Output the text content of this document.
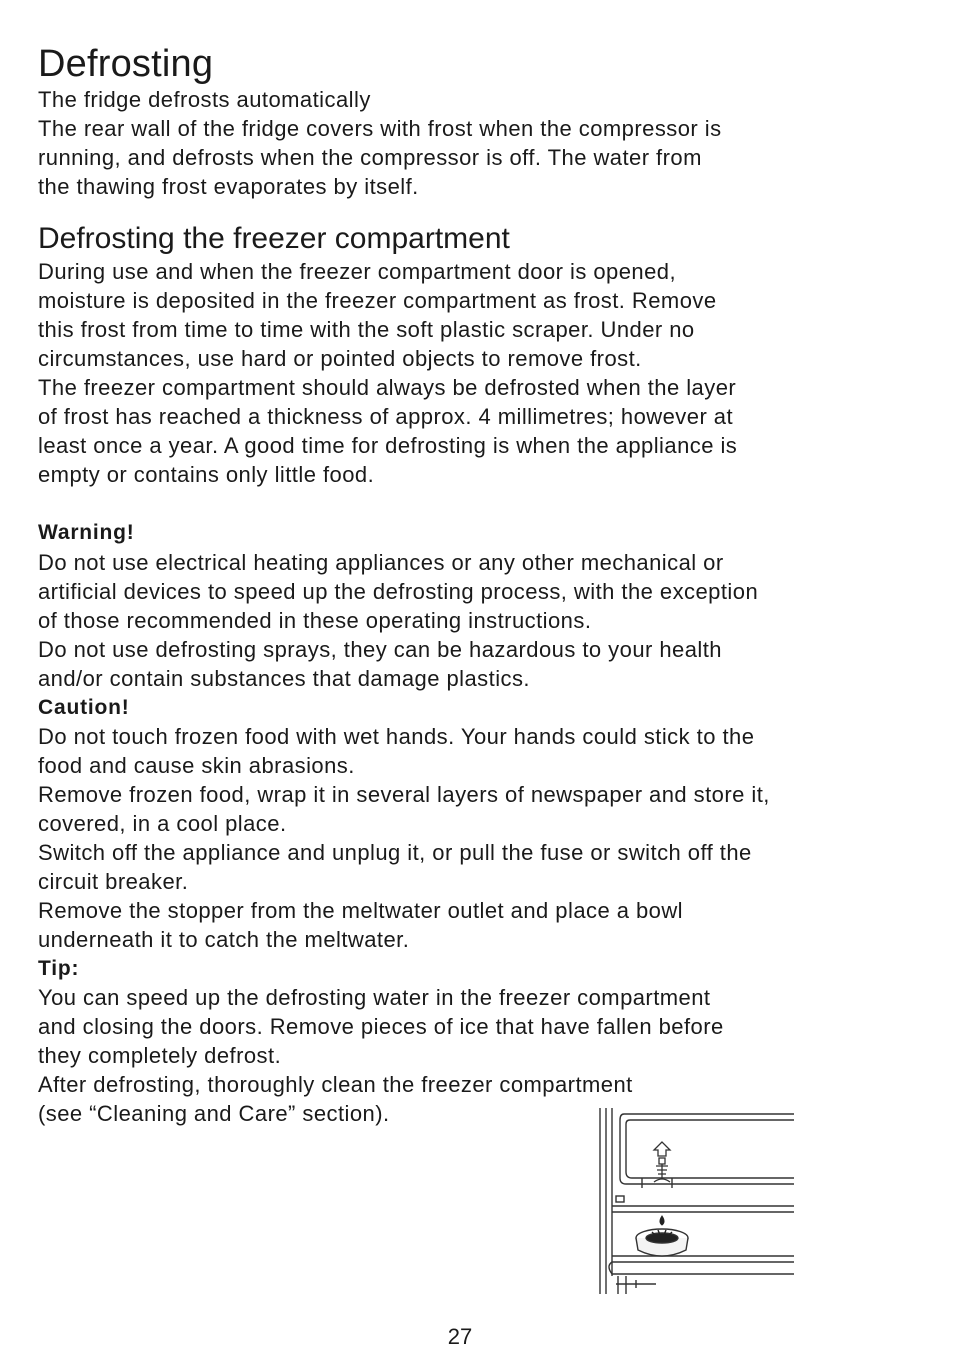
Defrosting
The fridge defrosts automatically
The rear wall of the fridge covers with frost when the compressor is
running, and defrosts when the compressor is off. The water from
the thawing frost evaporates by itself.
Defrosting the freezer compartment
During use and when the freezer compartment door is opened,
moisture is deposited in the freezer compartment as frost. Remove
this frost from time to time with the soft plastic scraper. Under no
circumstances, use hard or pointed objects to remove frost.
The freezer compartment should always be defrosted when the layer
of frost has reached a thickness of approx. 4 millimetres; however at
least once a year. A good time for defrosting is when the appliance is
empty or contains only little food.
Warning!
Do not use electrical heating appliances or any other mechanical or
artificial devices to speed up the defrosting process, with the exception
of those recommended in these operating instructions.
Do not use defrosting sprays, they can be hazardous to your health
and/or contain substances that damage plastics.
Caution!
Do not touch frozen food with wet hands. Your hands could stick to the
food and cause skin abrasions.
Remove frozen food, wrap it in several layers of newspaper and store it,
covered, in a cool place.
Switch off the appliance and unplug it, or pull the fuse or switch off the
circuit breaker.
Remove the stopper from the meltwater outlet and place a bowl
underneath it to catch the meltwater.
Tip:
You can speed up the defrosting water in the freezer compartment
and closing the doors. Remove pieces of ice that have fallen before
they completely defrost.
After defrosting, thoroughly clean the freezer compartment
(see “Cleaning and Care” section).
27
